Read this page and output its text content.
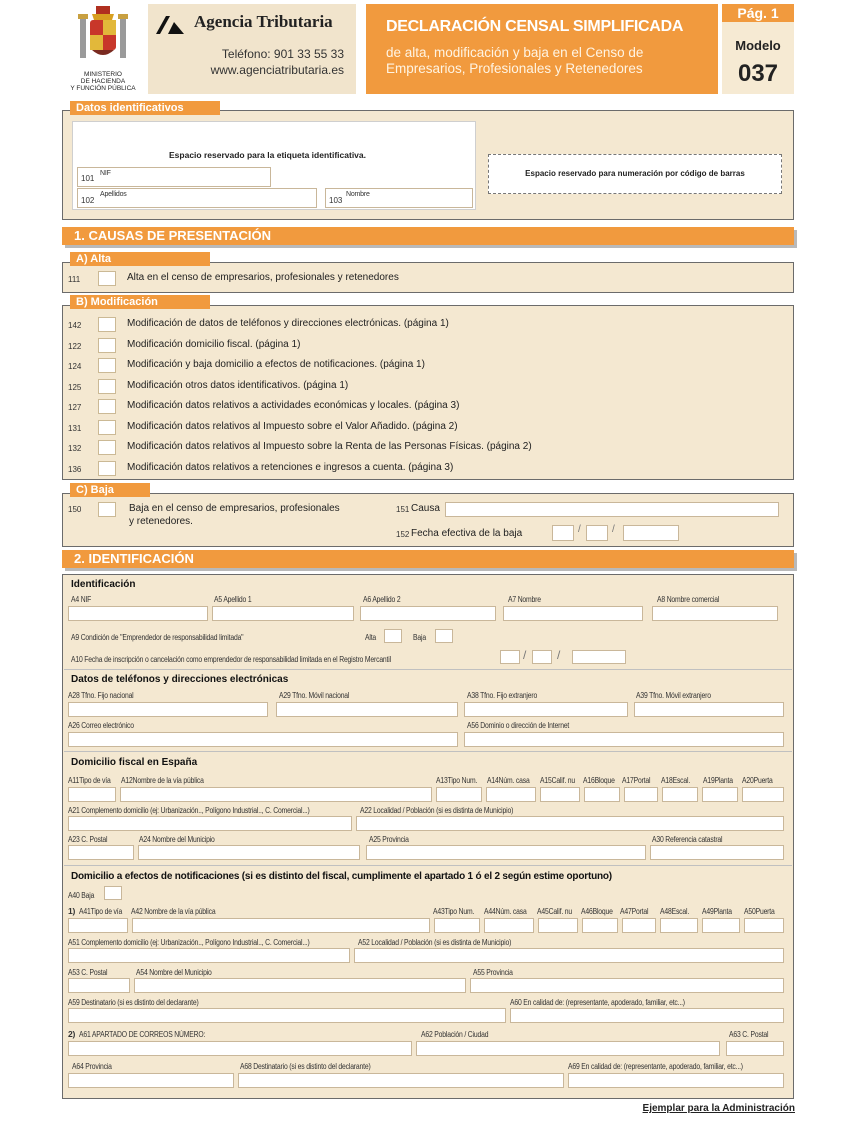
MINISTERIO
DE HACIENDA
Y FUNCIÓN PÚBLICA
Agencia Tributaria
Teléfono: 901 33 55 33
www.agenciatributaria.es
DECLARACIÓN CENSAL SIMPLIFICADA
de alta, modificación y baja en el Censo de
Empresarios, Profesionales y Retenedores
Pág. 1
Modelo
037
Datos identificativos
Espacio reservado para la etiqueta identificativa.
101
NIF
102
Apellidos
103
Nombre
Espacio reservado para numeración por código de barras
1. CAUSAS DE PRESENTACIÓN
A) Alta
111	Alta en el censo de empresarios, profesionales y retenedores
B) Modificación
142	Modificación de datos de teléfonos y direcciones electrónicas. (página 1)
122	Modificación domicilio fiscal. (página 1)
124	Modificación y baja domicilio a efectos de notificaciones. (página 1)
125	Modificación otros datos identificativos. (página 1)
127	Modificación datos relativos a actividades económicas y locales. (página 3)
131	Modificación datos relativos al Impuesto sobre el Valor Añadido. (página 2)
132	Modificación datos relativos al Impuesto sobre la Renta de las Personas Físicas. (página 2)
136	Modificación datos relativos a retenciones e ingresos a cuenta. (página 3)
C) Baja
150	Baja en el censo de empresarios, profesionales
y retenedores.
151 Causa
152 Fecha efectiva de la baja	/	/
2. IDENTIFICACIÓN
Identificación
A4 NIF	A5 Apellido 1	A6 Apellido 2	A7 Nombre	A8 Nombre comercial
A9 Condición de "Emprendedor de responsabilidad limitada"	Alta	Baja
A10 Fecha de inscripción o cancelación como emprendedor de responsabilidad limitada en el Registro Mercantil	/	/
Datos de teléfonos y direcciones electrónicas
A28 Tfno. Fijo nacional	A29 Tfno. Móvil nacional	A38 Tfno. Fijo extranjero	A39 Tfno. Móvil extranjero
A26 Correo electrónico	A56 Dominio o dirección de Internet
Domicilio fiscal en España
A11Tipo de vía A12Nombre de la vía pública	A13Tipo Num. A14Núm. casa A15Calif. nu A16Bloque A17Portal A18Escal. A19Planta A20Puerta
A21 Complemento domicilio (ej: Urbanización.., Polígono Industrial.., C. Comercial...)	A22 Localidad / Población (si es distinta de Municipio)
A23 C. Postal	A24 Nombre del Municipio	A25 Provincia	A30 Referencia catastral
Domicilio a efectos de notificaciones (si es distinto del fiscal, cumplimente el apartado 1 ó el 2 según estime oportuno)
A40 Baja
1) A41Tipo de vía A42 Nombre de la vía pública	A43Tipo Num. A44Núm. casa A45Calif. nu A46Bloque A47Portal A48Escal. A49Planta A50Puerta
A51 Complemento domicilio (ej: Urbanización.., Polígono Industrial.., C. Comercial...)	A52 Localidad / Población (si es distinta de Municipio)
A53 C. Postal	A54 Nombre del Municipio	A55 Provincia
A59 Destinatario (si es distinto del declarante)	A60 En calidad de: (representante, apoderado, familiar, etc...)
2) A61 APARTADO DE CORREOS NÚMERO:	A62 Población / Ciudad	A63 C. Postal
A64 Provincia	A68 Destinatario (si es distinto del declarante)	A69 En calidad de: (representante, apoderado, familiar, etc...)
Ejemplar para la Administración
